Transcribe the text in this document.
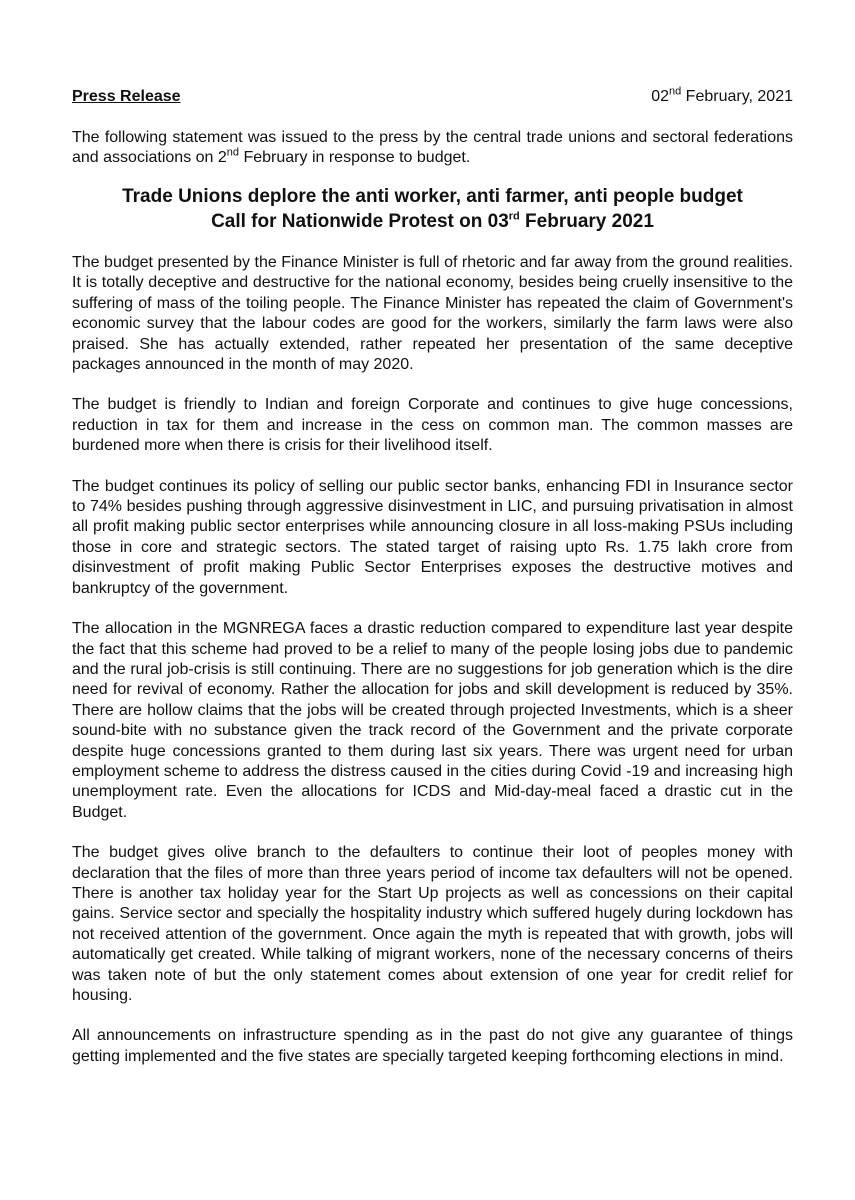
Press Release	02nd February, 2021
The following statement was issued to the press by the central trade unions and sectoral federations and associations on 2nd February in response to budget.
Trade Unions deplore the anti worker, anti farmer, anti people budget
Call for Nationwide Protest on 03rd February 2021

The budget presented by the Finance Minister is full of rhetoric and far away from the ground realities. It is totally deceptive and destructive for the national economy, besides being cruelly insensitive to the suffering of mass of the toiling people. The Finance Minister has repeated the claim of Government's economic survey that the labour codes are good for the workers, similarly the farm laws were also praised. She has actually extended, rather repeated her presentation of the same deceptive packages announced in the month of may 2020.

The budget is friendly to Indian and foreign Corporate and continues to give huge concessions, reduction in tax for them and increase in the cess on common man. The common masses are burdened more when there is crisis for their livelihood itself.

The budget continues its policy of selling our public sector banks, enhancing FDI in Insurance sector to 74% besides pushing through aggressive disinvestment in LIC, and pursuing privatisation in almost all profit making public sector enterprises while announcing closure in all loss-making PSUs including those in core and strategic sectors. The stated target of raising upto Rs. 1.75 lakh crore from disinvestment of profit making Public Sector Enterprises exposes the destructive motives and bankruptcy of the government.

The allocation in the MGNREGA faces a drastic reduction compared to expenditure last year despite the fact that this scheme had proved to be a relief to many of the people losing jobs due to pandemic and the rural job-crisis is still continuing. There are no suggestions for job generation which is the dire need for revival of economy. Rather the allocation for jobs and skill development is reduced by 35%. There are hollow claims that the jobs will be created through projected Investments, which is a sheer sound-bite with no substance given the track record of the Government and the private corporate despite huge concessions granted to them during last six years. There was urgent need for urban employment scheme to address the distress caused in the cities during Covid -19 and increasing high unemployment rate. Even the allocations for ICDS and Mid-day-meal faced a drastic cut in the Budget.

The budget gives olive branch to the defaulters to continue their loot of peoples money with declaration that the files of more than three years period of income tax defaulters will not be opened. There is another tax holiday year for the Start Up projects as well as concessions on their capital gains. Service sector and specially the hospitality industry which suffered hugely during lockdown has not received attention of the government. Once again the myth is repeated that with growth, jobs will automatically get created. While talking of migrant workers, none of the necessary concerns of theirs was taken note of but the only statement comes about extension of one year for credit relief for housing.

All announcements on infrastructure spending as in the past do not give any guarantee of things getting implemented and the five states are specially targeted keeping forthcoming elections in mind.
